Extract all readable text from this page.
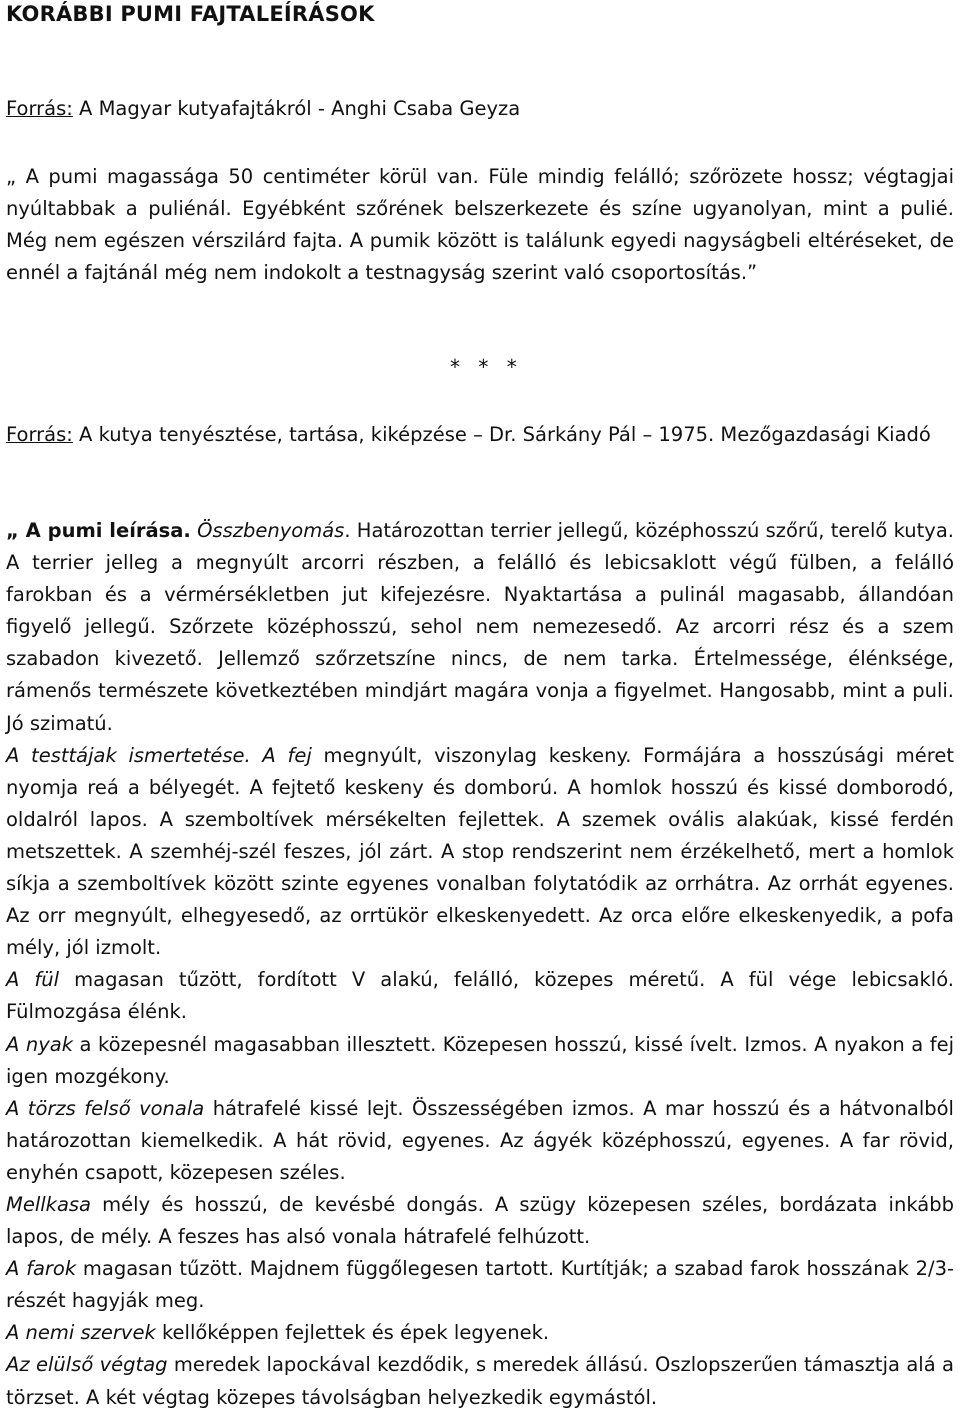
KORÁBBI PUMI FAJTALEÍRÁSOK
Forrás: A Magyar kutyafajtákról - Anghi Csaba Geyza

„ A pumi magassága 50 centiméter körül van. Füle mindig felálló; szőrözete hossz; végtagjai nyúltabbak a puliénál. Egyébként szőrének belszerkezete és színe ugyanolyan, mint a pulié. Még nem egészen vérszilárd fajta. A pumik között is találunk egyedi nagyságbeli eltéréseket, de ennél a fajtánál még nem indokolt a testnagyság szerint való csoportosítás.”

* * *

Forrás: A kutya tenyésztése, tartása, kiképzése – Dr. Sárkány Pál – 1975. Mezőgazdasági Kiadó

„ A pumi leírása. Összbenyomás. Határozottan terrier jellegű, középhosszú szőrű, terelő kutya. A terrier jelleg a megnyúlt arcorri részben, a felálló és lebicsaklott végű fülben, a felálló farokban és a vérmérsékletben jut kifejezésre. Nyaktartása a pulinál magasabb, állandóan figyelő jellegű. Szőrzete középhosszú, sehol nem nemezesedő. Az arcorri rész és a szem szabadon kivezető. Jellemző szőrzetszíne nincs, de nem tarka. Értelmessége, élénksége, rámenős természete következtében mindjárt magára vonja a figyelmet. Hangosabb, mint a puli. Jó szimatú.
A testtájak ismertetése. A fej megnyúlt, viszonylag keskeny. Formájára a hosszúsági méret nyomja reá a bélyegét. A fejtető keskeny és domború. A homlok hosszú és kissé domborodó, oldalról lapos. A szemboltívek mérsékelten fejlettek. A szemek ovális alakúak, kissé ferdén metszettek. A szemhéj-szél feszes, jól zárt. A stop rendszerint nem érzékelhető, mert a homlok síkja a szemboltívek között szinte egyenes vonalban folytatódik az orrhátra. Az orrhát egyenes. Az orr megnyúlt, elhegyesedő, az orrtükör elkeskenyedett. Az orca előre elkeskenyedik, a pofa mély, jól izmolt.
A fül magasan tűzött, fordított V alakú, felálló, közepes méretű. A fül vége lebicsakló. Fülmozgása élénk.
A nyak a közepesnél magasabban illesztett. Közepesen hosszú, kissé ívelt. Izmos. A nyakon a fej igen mozgékony.
A törzs felső vonala hátrafelé kissé lejt. Összességében izmos. A mar hosszú és a hátvonalból határozottan kiemelkedik. A hát rövid, egyenes. Az ágyék középhosszú, egyenes. A far rövid, enyhén csapott, közepesen széles.
Mellkasa mély és hosszú, de kevésbé dongás. A szügy közepesen széles, bordázata inkább lapos, de mély. A feszes has alsó vonala hátrafelé felhúzott.
A farok magasan tűzött. Majdnem függőlegesen tartott. Kurtítják; a szabad farok hosszának 2/3- részét hagyják meg.
A nemi szervek kellőképpen fejlettek és épek legyenek.
Az elülső végtag meredek lapockával kezdődik, s meredek állású. Oszlopszerűen támasztja alá a törzset. A két végtag közepes távolságban helyezkedik egymástól.
